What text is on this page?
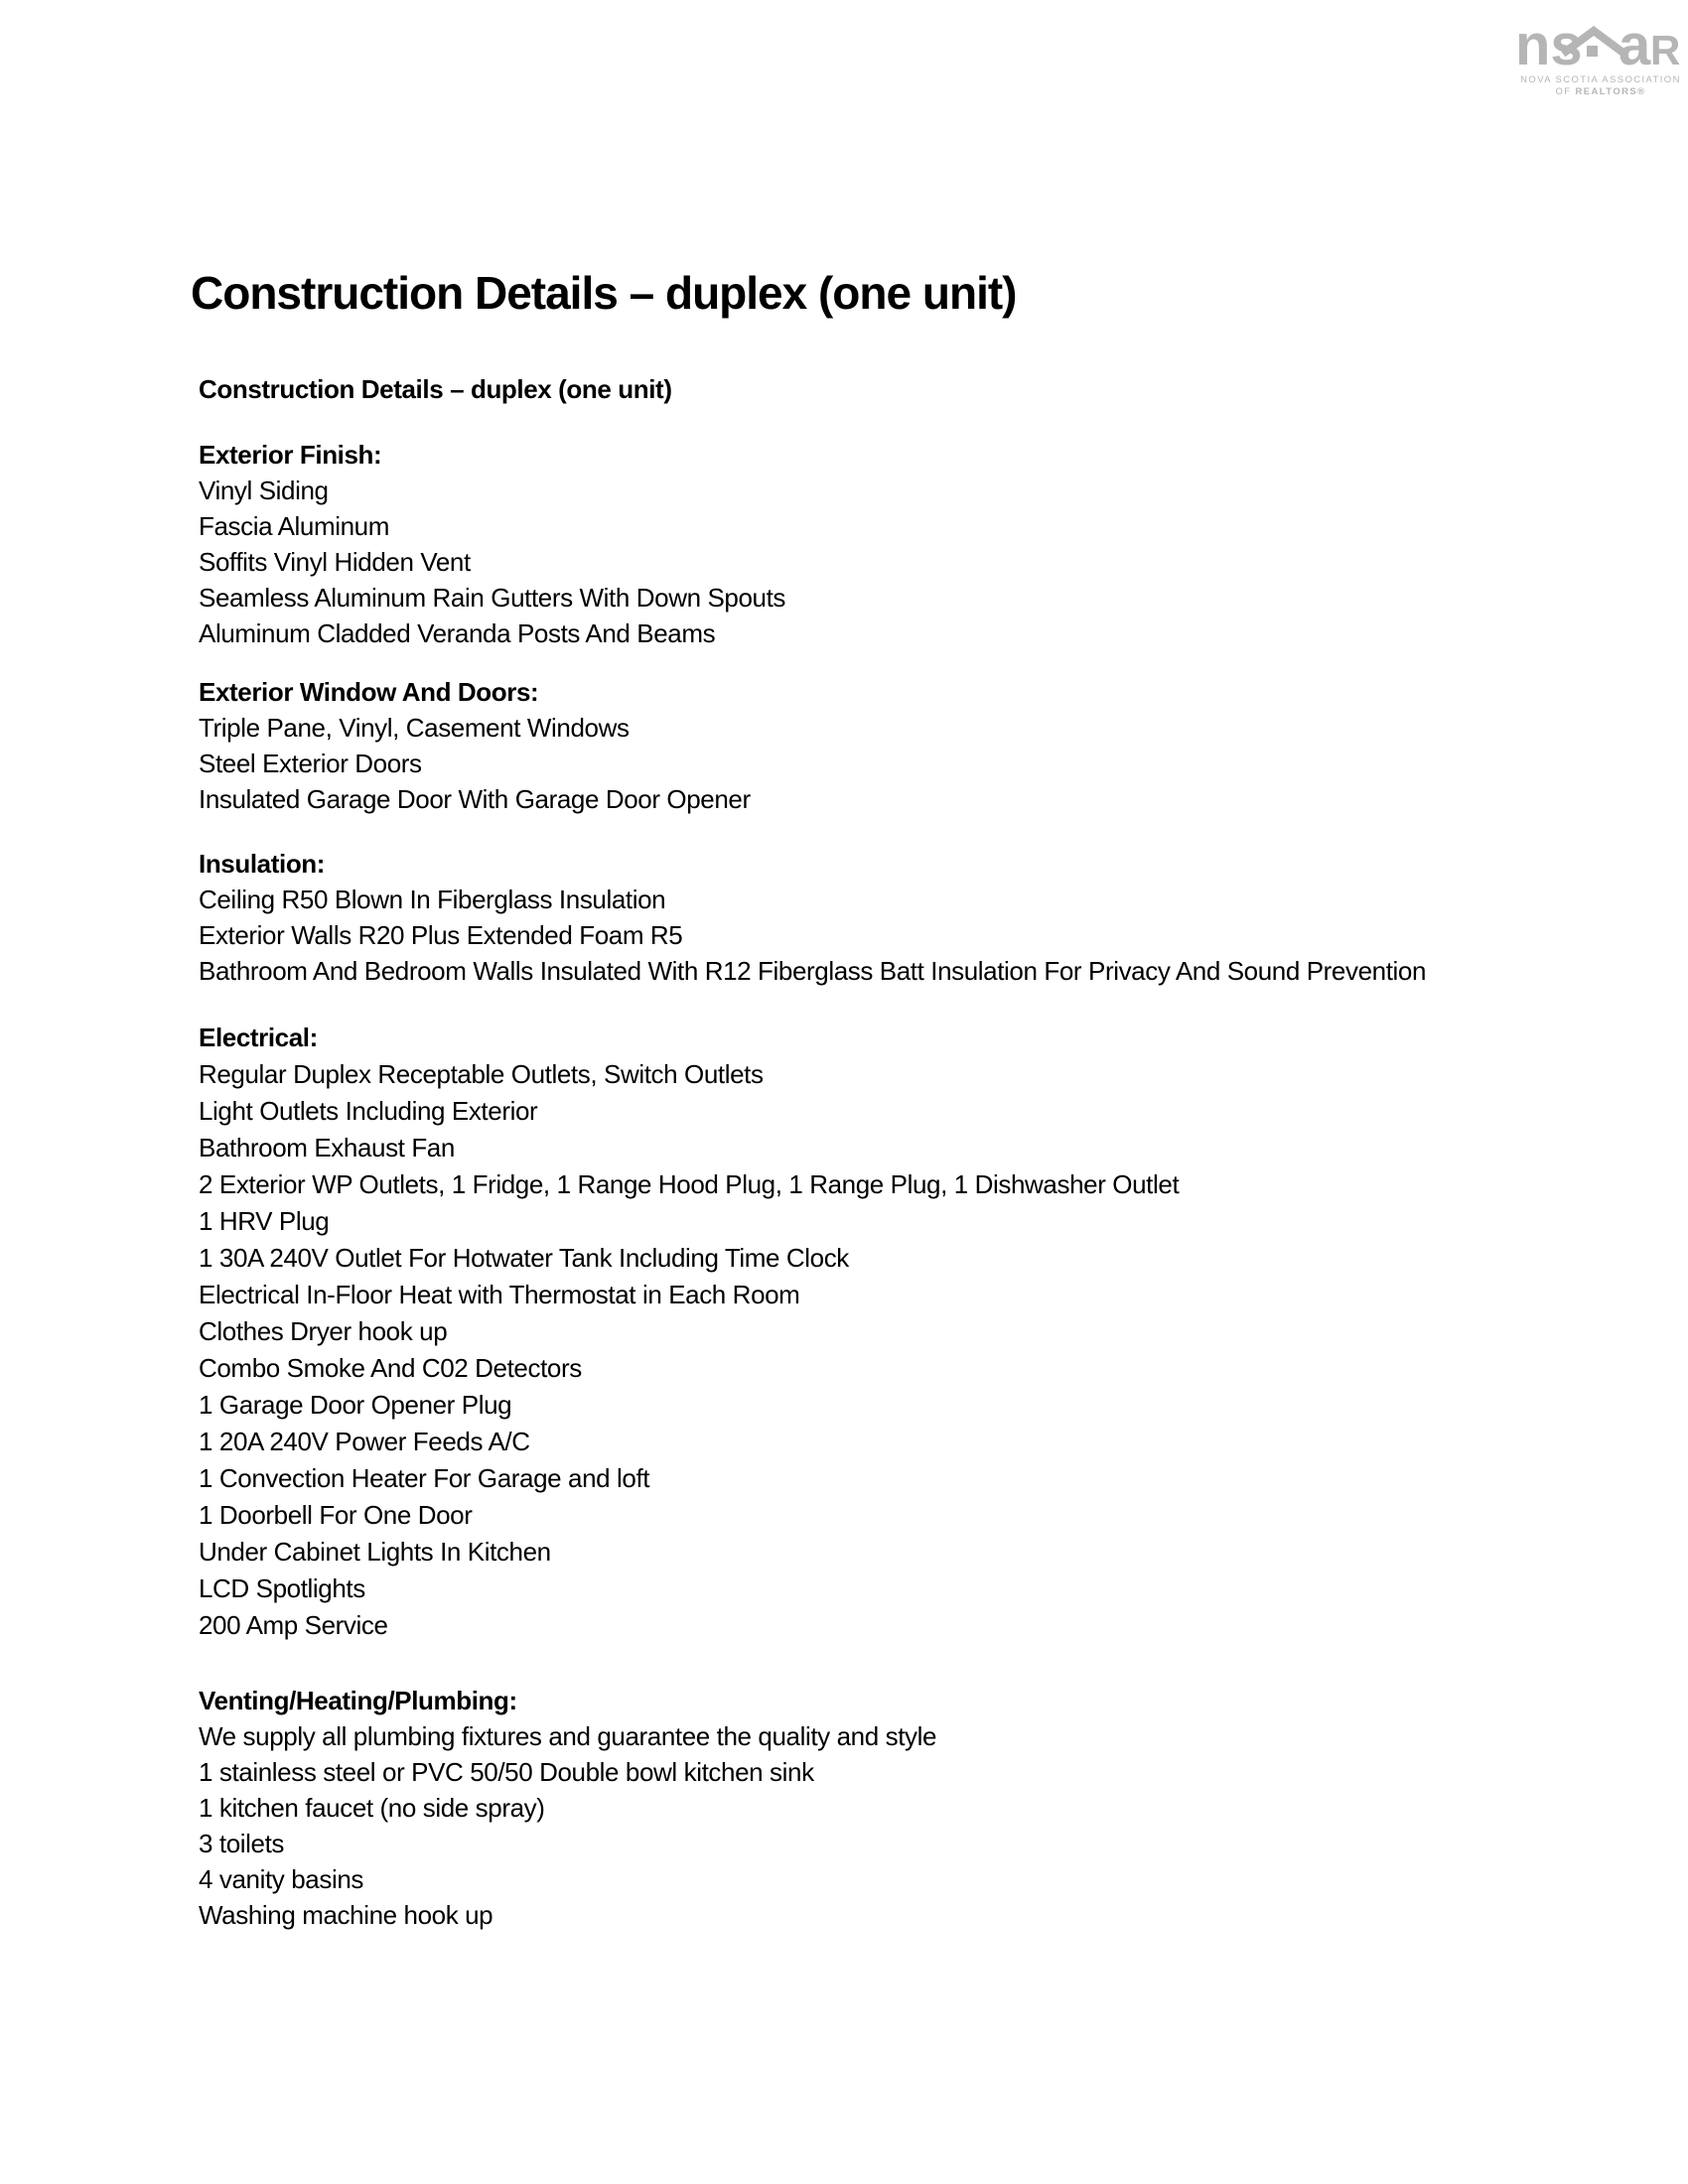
ns a R
NOVA SCOTIA ASSOCIATION
OF REALTORS®
Construction Details – duplex (one unit)
Construction Details – duplex (one unit)
Exterior Finish:
Vinyl Siding
Fascia Aluminum
Soffits Vinyl Hidden Vent
Seamless Aluminum Rain Gutters With Down Spouts
Aluminum Cladded Veranda Posts And Beams
Exterior Window And Doors:
Triple Pane, Vinyl, Casement Windows
Steel Exterior Doors
Insulated Garage Door With Garage Door Opener
Insulation:
Ceiling R50 Blown In Fiberglass Insulation
Exterior Walls R20 Plus Extended Foam R5
Bathroom And Bedroom Walls Insulated With R12 Fiberglass Batt Insulation For Privacy And Sound Prevention
Electrical:
Regular Duplex Receptable Outlets, Switch Outlets
Light Outlets Including Exterior
Bathroom Exhaust Fan
2 Exterior WP Outlets, 1 Fridge, 1 Range Hood Plug, 1 Range Plug, 1 Dishwasher Outlet
1 HRV Plug
1 30A 240V Outlet For Hotwater Tank Including Time Clock
Electrical In-Floor Heat with Thermostat in Each Room
Clothes Dryer hook up
Combo Smoke And C02 Detectors
1 Garage Door Opener Plug
1 20A 240V Power Feeds A/C
1 Convection Heater For Garage and loft
1 Doorbell For One Door
Under Cabinet Lights In Kitchen
LCD Spotlights
200 Amp Service
Venting/Heating/Plumbing:
We supply all plumbing fixtures and guarantee the quality and style
1 stainless steel or PVC 50/50 Double bowl kitchen sink
1 kitchen faucet (no side spray)
3 toilets
4 vanity basins
Washing machine hook up
